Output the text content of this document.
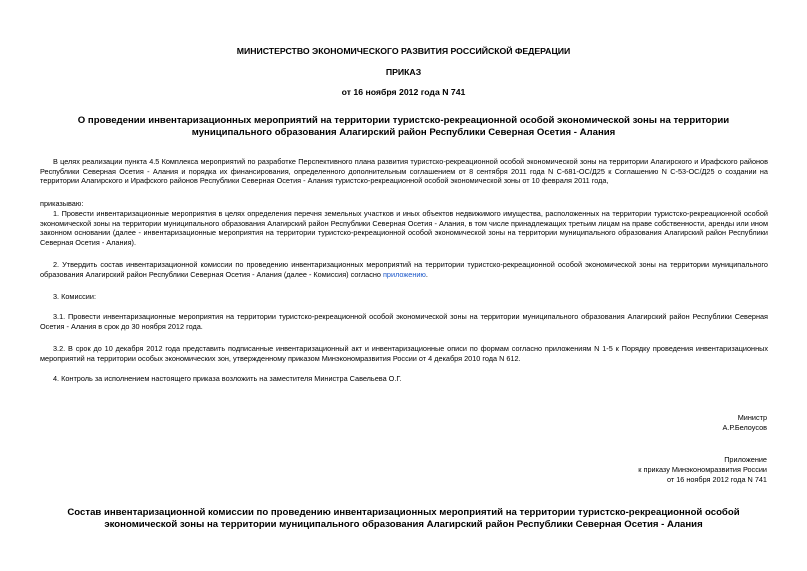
МИНИСТЕРСТВО ЭКОНОМИЧЕСКОГО РАЗВИТИЯ РОССИЙСКОЙ ФЕДЕРАЦИИ
ПРИКАЗ
от 16 ноября 2012 года N 741
О проведении инвентаризационных мероприятий на территории туристско-рекреационной особой экономической зоны на территории муниципального образования Алагирский район Республики Северная Осетия - Алания
В целях реализации пункта 4.5 Комплекса мероприятий по разработке Перспективного плана развития туристско-рекреационной особой экономической зоны на территории Алагирского и Ирафского районов Республики Северная Осетия - Алания и порядка их финансирования, определенного дополнительным соглашением от 8 сентября 2011 года N С-681-ОС/Д25 к Соглашению N С-53-ОС/Д25 о создании на территории Алагирского и Ирафского районов Республики Северная Осетия - Алания туристско-рекреационной особой экономической зоны от 10 февраля 2011 года,
приказываю:
1. Провести инвентаризационные мероприятия в целях определения перечня земельных участков и иных объектов недвижимого имущества, расположенных на территории туристско-рекреационной особой экономической зоны на территории муниципального образования Алагирский район Республики Северная Осетия - Алания, в том числе принадлежащих третьим лицам на праве собственности, аренды или ином законном основании (далее - инвентаризационные мероприятия на территории туристско-рекреационной особой экономической зоны на территории муниципального образования Алагирский район Республики Северная Осетия - Алания).
2. Утвердить состав инвентаризационной комиссии по проведению инвентаризационных мероприятий на территории туристско-рекреационной особой экономической зоны на территории муниципального образования Алагирский район Республики Северная Осетия - Алания (далее - Комиссия) согласно приложению.
3. Комиссии:
3.1. Провести инвентаризационные мероприятия на территории туристско-рекреационной особой экономической зоны на территории муниципального образования Алагирский район Республики Северная Осетия - Алания в срок до 30 ноября 2012 года.
3.2. В срок до 10 декабря 2012 года представить подписанные инвентаризационный акт и инвентаризационные описи по формам согласно приложениям N 1-5 к Порядку проведения инвентаризационных мероприятий на территории особых экономических зон, утвержденному приказом Минэкономразвития России от 4 декабря 2010 года N 612.
4. Контроль за исполнением настоящего приказа возложить на заместителя Министра Савельева О.Г.
Министр
А.Р.Белоусов
Приложение
к приказу Минэкономразвития России
от 16 ноября 2012 года N 741
Состав инвентаризационной комиссии по проведению инвентаризационных мероприятий на территории туристско-рекреационной особой экономической зоны на территории муниципального образования Алагирский район Республики Северная Осетия - Алания
